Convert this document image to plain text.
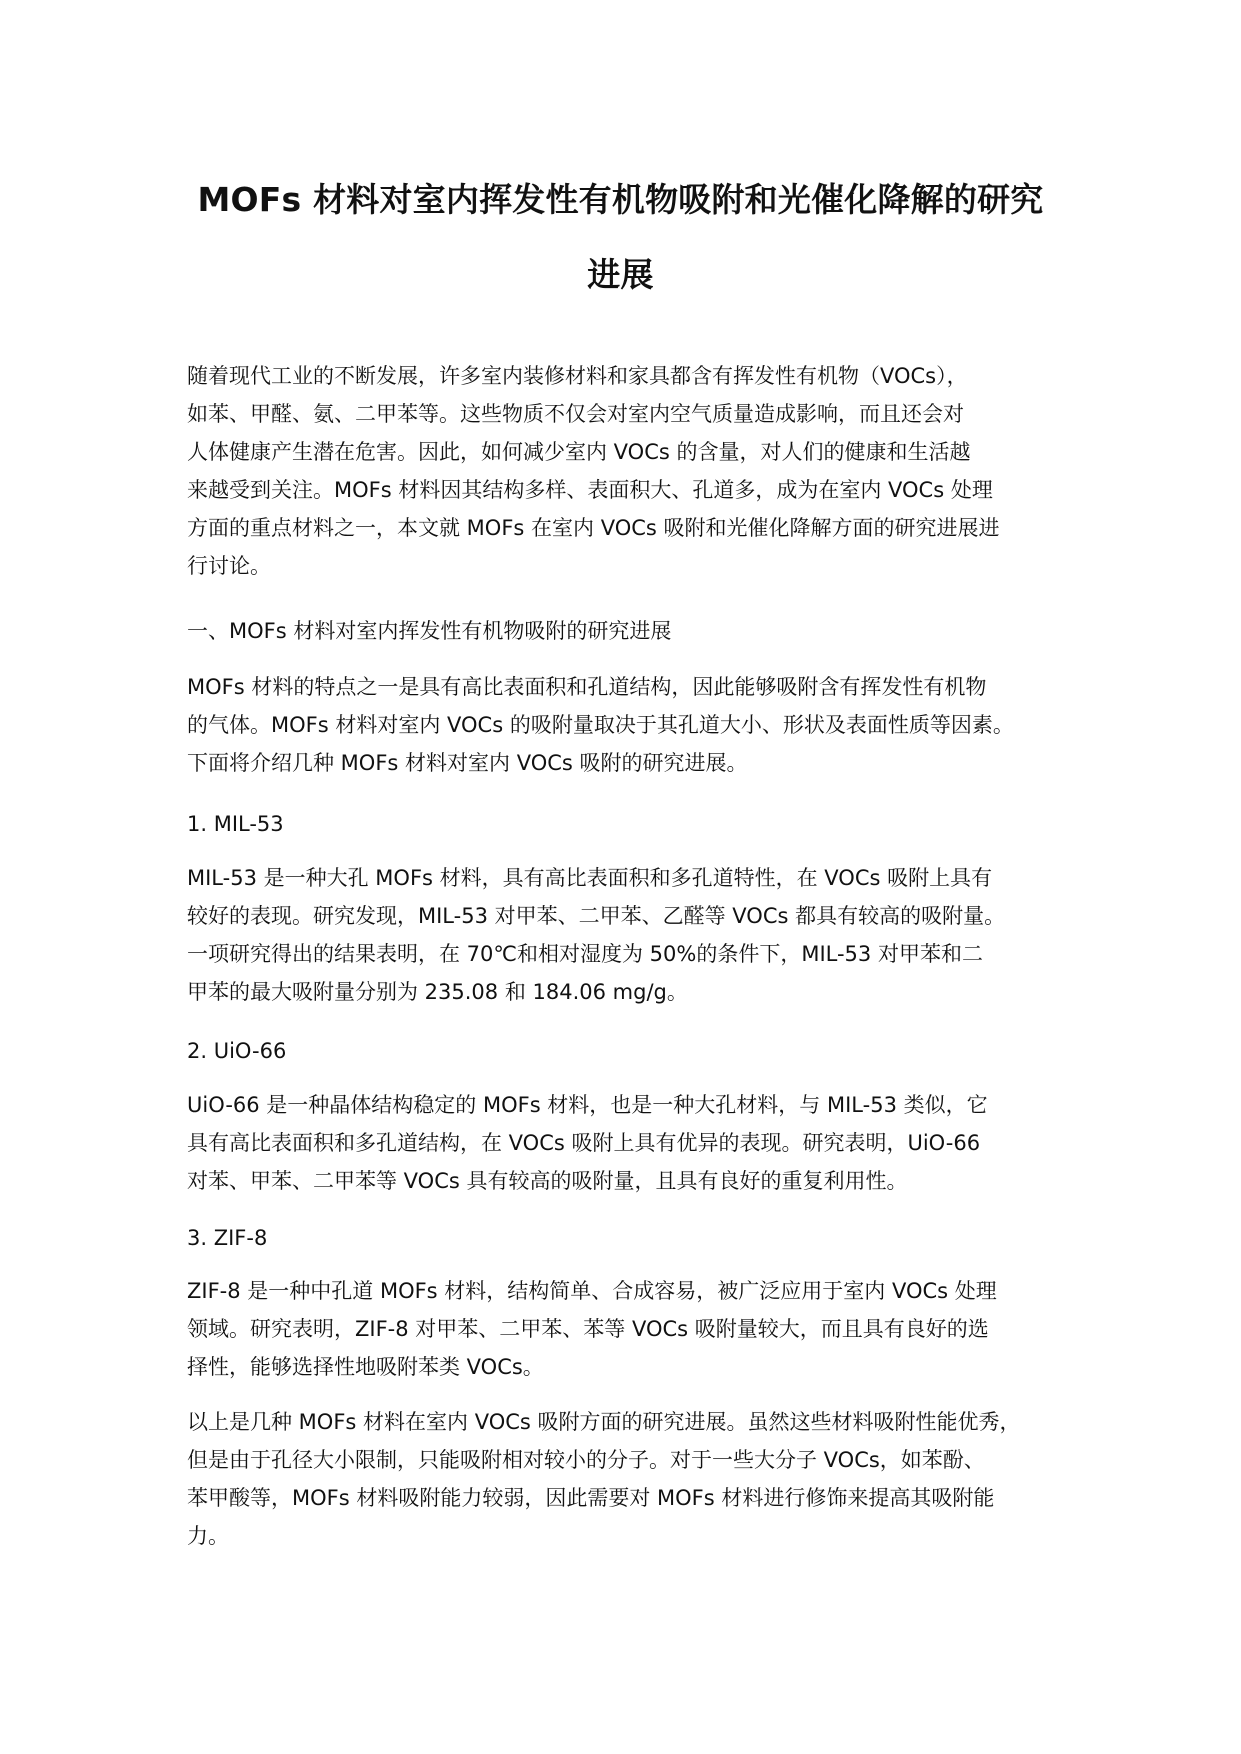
MOFs 材料对室内挥发性有机物吸附和光催化降解的研究
进展
随着现代工业的不断发展，许多室内装修材料和家具都含有挥发性有机物（VOCs），
如苯、甲醛、氨、二甲苯等。这些物质不仅会对室内空气质量造成影响，而且还会对
人体健康产生潜在危害。因此，如何减少室内 VOCs 的含量，对人们的健康和生活越
来越受到关注。MOFs 材料因其结构多样、表面积大、孔道多，成为在室内 VOCs 处理
方面的重点材料之一，本文就 MOFs 在室内 VOCs 吸附和光催化降解方面的研究进展进
行讨论。
一、MOFs 材料对室内挥发性有机物吸附的研究进展
MOFs 材料的特点之一是具有高比表面积和孔道结构，因此能够吸附含有挥发性有机物
的气体。MOFs 材料对室内 VOCs 的吸附量取决于其孔道大小、形状及表面性质等因素。
下面将介绍几种 MOFs 材料对室内 VOCs 吸附的研究进展。
1. MIL-53
MIL-53 是一种大孔 MOFs 材料，具有高比表面积和多孔道特性，在 VOCs 吸附上具有
较好的表现。研究发现，MIL-53 对甲苯、二甲苯、乙醛等 VOCs 都具有较高的吸附量。
一项研究得出的结果表明，在 70℃和相对湿度为 50%的条件下，MIL-53 对甲苯和二
甲苯的最大吸附量分别为 235.08 和 184.06 mg/g。
2. UiO-66
UiO-66 是一种晶体结构稳定的 MOFs 材料，也是一种大孔材料，与 MIL-53 类似，它
具有高比表面积和多孔道结构，在 VOCs 吸附上具有优异的表现。研究表明，UiO-66
对苯、甲苯、二甲苯等 VOCs 具有较高的吸附量，且具有良好的重复利用性。
3. ZIF-8
ZIF-8 是一种中孔道 MOFs 材料，结构简单、合成容易，被广泛应用于室内 VOCs 处理
领域。研究表明，ZIF-8 对甲苯、二甲苯、苯等 VOCs 吸附量较大，而且具有良好的选
择性，能够选择性地吸附苯类 VOCs。
以上是几种 MOFs 材料在室内 VOCs 吸附方面的研究进展。虽然这些材料吸附性能优秀，
但是由于孔径大小限制，只能吸附相对较小的分子。对于一些大分子 VOCs，如苯酚、
苯甲酸等，MOFs 材料吸附能力较弱，因此需要对 MOFs 材料进行修饰来提高其吸附能
力。
